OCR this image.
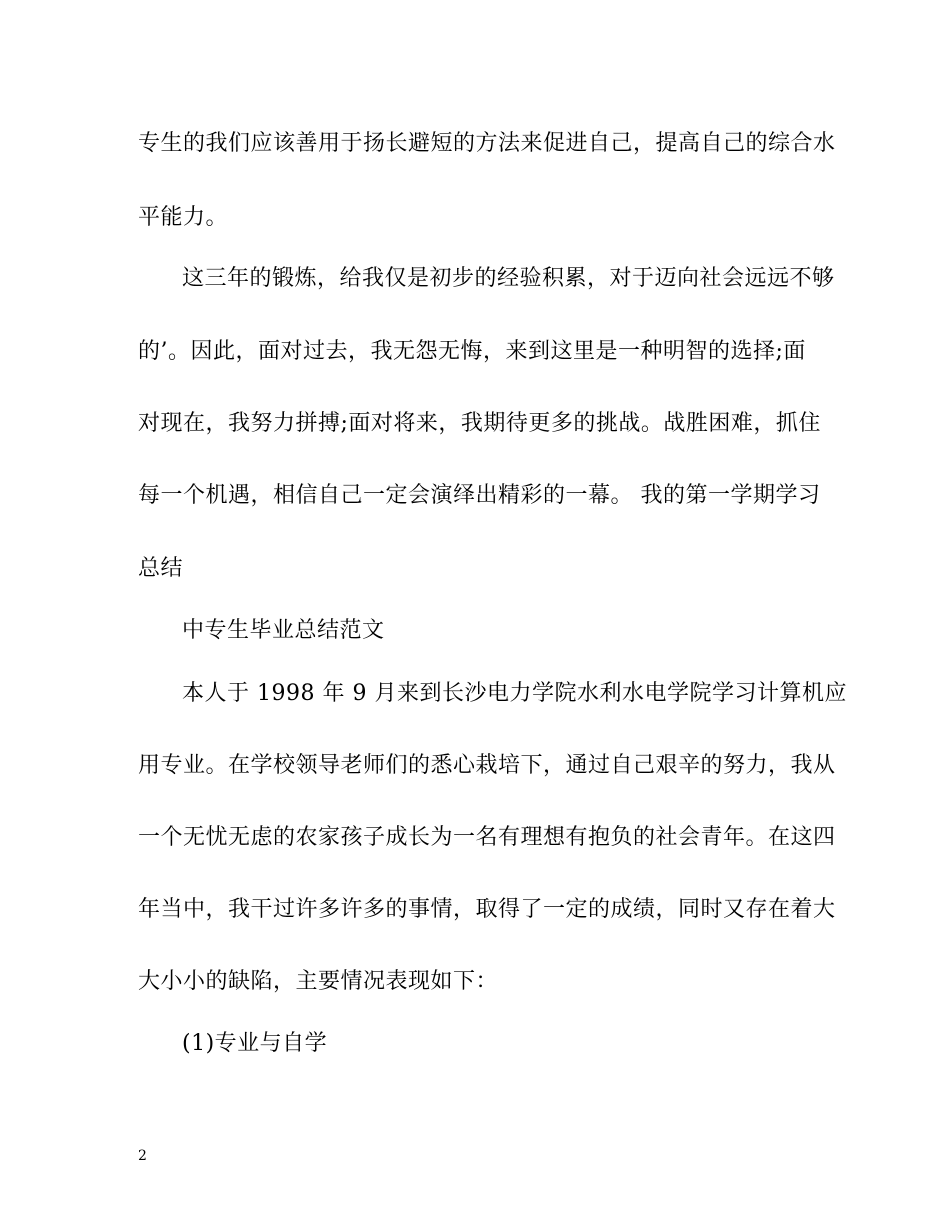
专生的我们应该善用于扬长避短的方法来促进自己，提高自己的综合水
平能力。
这三年的锻炼，给我仅是初步的经验积累，对于迈向社会远远不够
的’。因此，面对过去，我无怨无悔，来到这里是一种明智的选择;面
对现在，我努力拼搏;面对将来，我期待更多的挑战。战胜困难，抓住
每一个机遇，相信自己一定会演绎出精彩的一幕。 我的第一学期学习
总结
中专生毕业总结范文
本人于 1998 年 9 月来到长沙电力学院水利水电学院学习计算机应
用专业。在学校领导老师们的悉心栽培下，通过自己艰辛的努力，我从
一个无忧无虑的农家孩子成长为一名有理想有抱负的社会青年。在这四
年当中，我干过许多许多的事情，取得了一定的成绩，同时又存在着大
大小小的缺陷，主要情况表现如下：
(1)专业与自学
2
